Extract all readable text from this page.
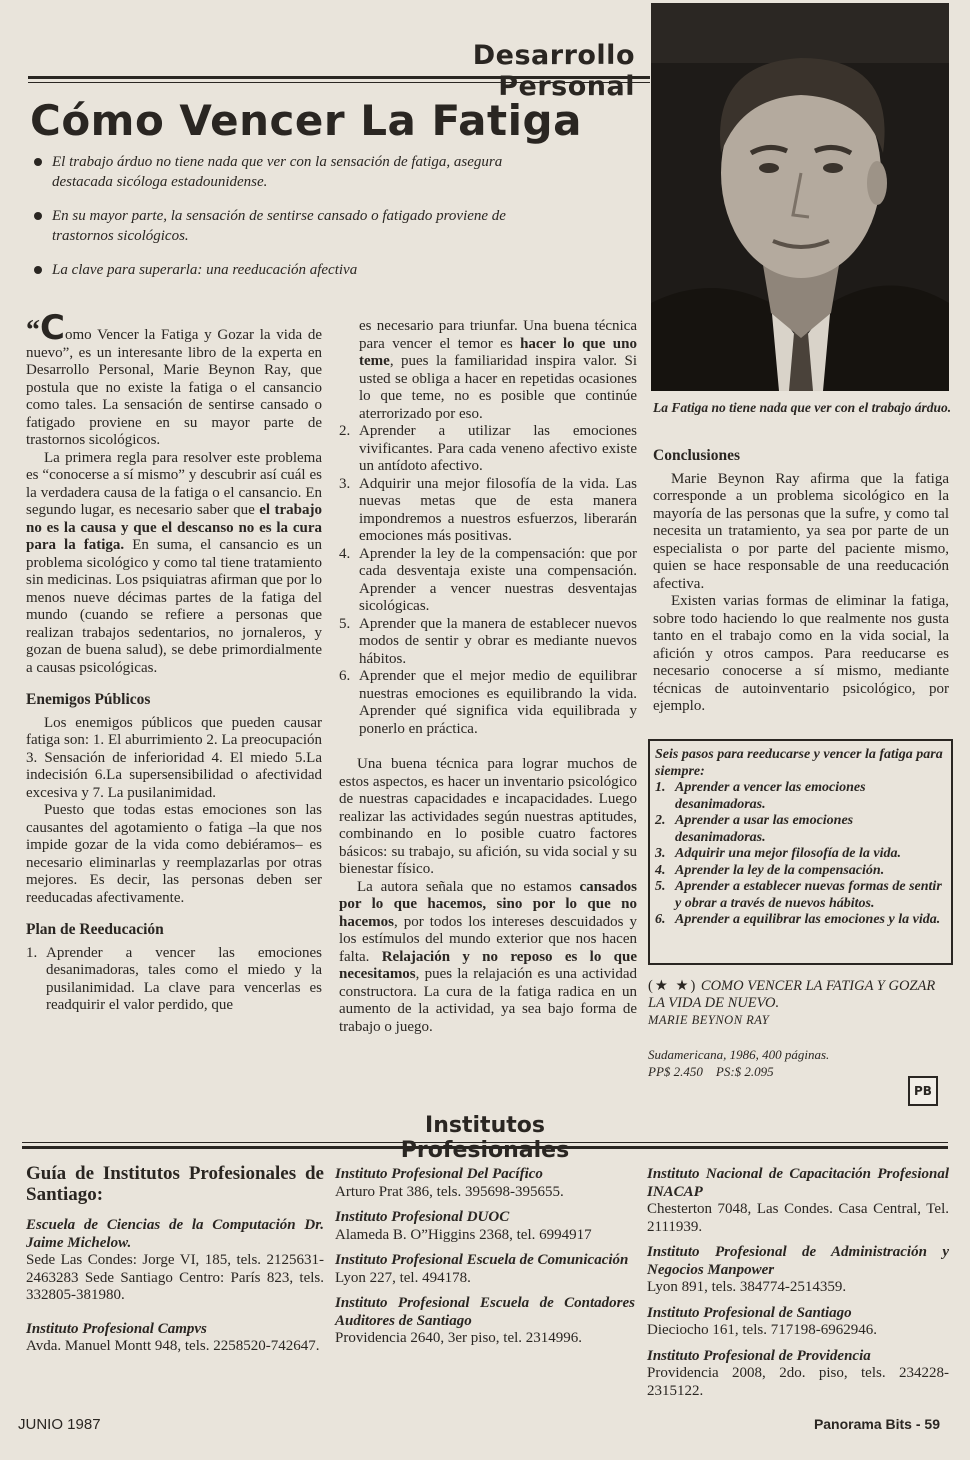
Desarrollo Personal
Cómo Vencer La Fatiga
El trabajo árduo no tiene nada que ver con la sensación de fatiga, asegura destacada sicóloga estadounidense.
En su mayor parte, la sensación de sentirse cansado o fatigado proviene de trastornos sicológicos.
La clave para superarla: una reeducación afectiva
La Fatiga no tiene nada que ver con el trabajo árduo.

“Como Vencer la Fatiga y Gozar la vida de nuevo”, es un interesante libro de la experta en Desarrollo Personal, Marie Beynon Ray, que postula que no existe la fatiga o el cansancio como tales. La sensación de sentirse cansado o fatigado proviene en su mayor parte de trastornos sicológicos.

La primera regla para resolver este problema es “conocerse a sí mismo” y descubrir así cuál es la verdadera causa de la fatiga o el cansancio. En segundo lugar, es necesario saber que el trabajo no es la causa y que el descanso no es la cura para la fatiga. En suma, el cansancio es un problema sicológico y como tal tiene tratamiento sin medicinas. Los psiquiatras afirman que por lo menos nueve décimas partes de la fatiga del mundo (cuando se refiere a personas que realizan trabajos sedentarios, no jornaleros, y gozan de buena salud), se debe primordialmente a causas psicológicas.

Enemigos Públicos

Los enemigos públicos que pueden causar fatiga son: 1. El aburrimiento 2. La preocupación 3. Sensación de inferioridad 4. El miedo 5.La indecisión 6.La supersensibilidad o afectividad excesiva y 7. La pusilanimidad.

Puesto que todas estas emociones son las causantes del agotamiento o fatiga –la que nos impide gozar de la vida como debiéramos– es necesario eliminarlas y reemplazarlas por otras mejores. Es decir, las personas deben ser reeducadas afectivamente.

Plan de Reeducación
1. Aprender a vencer las emociones desanimadoras, tales como el miedo y la pusilanimidad. La clave para vencerlas es readquirir el valor perdido, que

es necesario para triunfar. Una buena técnica para vencer el temor es hacer lo que uno teme, pues la familiaridad inspira valor. Si usted se obliga a hacer en repetidas ocasiones lo que teme, no es posible que continúe aterrorizado por eso.

2. Aprender a utilizar las emociones vivificantes. Para cada veneno afectivo existe un antídoto afectivo.
3. Adquirir una mejor filosofía de la vida. Las nuevas metas que de esta manera impondremos a nuestros esfuerzos, liberarán emociones más positivas.
4. Aprender la ley de la compensación: que por cada desventaja existe una compensación. Aprender a vencer nuestras desventajas sicológicas.
5. Aprender que la manera de establecer nuevos modos de sentir y obrar es mediante nuevos hábitos.
6. Aprender que el mejor medio de equilibrar nuestras emociones es equilibrando la vida. Aprender qué significa vida equilibrada y ponerlo en práctica.

Una buena técnica para lograr muchos de estos aspectos, es hacer un inventario psicológico de nuestras capacidades e incapacidades. Luego realizar las actividades según nuestras aptitudes, combinando en lo posible cuatro factores básicos: su trabajo, su afición, su vida social y su bienestar físico.

La autora señala que no estamos cansados por lo que hacemos, sino por lo que no hacemos, por todos los intereses descuidados y los estímulos del mundo exterior que nos hacen falta. Relajación y no reposo es lo que necesitamos, pues la relajación es una actividad constructora. La cura de la fatiga radica en un aumento de la actividad, ya sea bajo forma de trabajo o juego.

Conclusiones

Marie Beynon Ray afirma que la fatiga corresponde a un problema sicológico en la mayoría de las personas que la sufre, y como tal necesita un tratamiento, ya sea por parte de un especialista o por parte del paciente mismo, quien se hace responsable de una reeducación afectiva.

Existen varias formas de eliminar la fatiga, sobre todo haciendo lo que realmente nos gusta tanto en el trabajo como en la vida social, la afición y otros campos. Para reeducarse es necesario conocerse a sí mismo, mediante técnicas de autoinventario psicológico, por ejemplo.

Seis pasos para reeducarse y vencer la fatiga para siempre:
1. Aprender a vencer las emociones desanimadoras.
2. Aprender a usar las emociones desanimadoras.
3. Adquirir una mejor filosofía de la vida.
4. Aprender la ley de la compensación.
5. Aprender a establecer nuevas formas de sentir y obrar a través de nuevos hábitos.
6. Aprender a equilibrar las emociones y la vida.
(★ ★) COMO VENCER LA FATIGA Y GOZAR LA VIDA DE NUEVO.
MARIE BEYNON RAY
Sudamericana, 1986, 400 páginas.
PP$ 2.450    PS:$ 2.095
PB
Institutos Profesionales
Guía de Institutos Profesionales de Santiago:
Escuela de Ciencias de la Computación Dr. Jaime Michelow.
Sede Las Condes: Jorge VI, 185, tels. 2125631- 2463283 Sede Santiago Centro: París 823, tels. 332805-381980.
Instituto Profesional Campvs
Avda. Manuel Montt 948, tels. 2258520-742647.
Instituto Profesional Del Pacífico
Arturo Prat 386, tels. 395698-395655.
Instituto Profesional DUOC
Alameda B. O”Higgins 2368, tel. 6994917
Instituto Profesional Escuela de Comunicación
Lyon 227, tel. 494178.
Instituto Profesional Escuela de Contadores Auditores de Santiago
Providencia 2640, 3er piso, tel. 2314996.
Instituto Nacional de Capacitación Profesional INACAP
Chesterton 7048, Las Condes. Casa Central, Tel. 2111939.
Instituto Profesional de Administración y Negocios Manpower
Lyon 891, tels. 384774-2514359.
Instituto Profesional de Santiago
Dieciocho 161, tels. 717198-6962946.
Instituto Profesional de Providencia
Providencia 2008, 2do. piso, tels. 234228-2315122.
JUNIO 1987	Panorama Bits - 59
